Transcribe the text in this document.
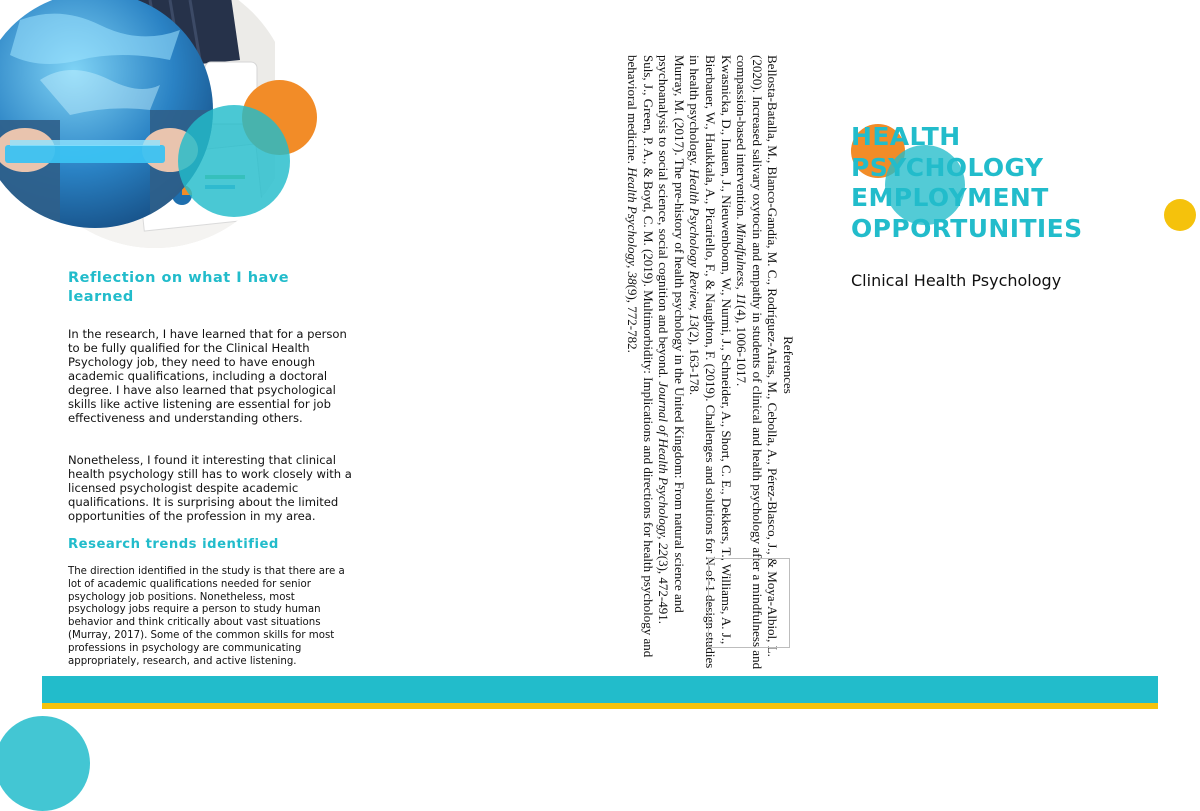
Reflection on what I have learned
In the research, I have learned that for a person to be fully qualified for the Clinical Health Psychology job, they need to have enough academic qualifications, including a doctoral degree. I have also learned that psychological skills like active listening are essential for job effectiveness and understanding others.
Nonetheless, I found it interesting that clinical health psychology still has to work closely with a licensed psychologist despite academic qualifications. It is surprising about the limited opportunities of the profession in my area.
Research trends identified
The direction identified in the study is that there are a lot of academic qualifications needed for senior psychology job positions. Nonetheless, most psychology jobs require a person to study human behavior and think critically about vast situations (Murray, 2017). Some of the common skills for most professions in psychology are communicating appropriately, research, and active listening.
References

Bellosta-Batalla, M., Blanco-Gandía, M. C., Rodríguez-Arias, M., Cebolla, A., Pérez-Blasco, J., & Moya-Albiol, L. (2020). Increased salivary oxytocin and empathy in students of clinical and health psychology after a mindfulness and compassion-based intervention. Mindfulness, 11(4), 1006-1017.

Kwasnicka, D., Inauen, J., Nieuwenboom, W., Nurmi, J., Schneider, A., Short, C. E., Dekkers, T., Williams, A. J., Bierbauer, W., Haukkala, A., Picariello, F., & Naughton, F. (2019). Challenges and solutions for N-of-1 design studies in health psychology. Health Psychology Review, 13(2), 163-178.

Murray, M. (2017). The pre-history of health psychology in the United Kingdom: From natural science and psychoanalysis to social science, social cognition and beyond. Journal of Health Psychology, 22(3), 472-491.

Suls, J., Green, P. A., & Boyd, C. M. (2019). Multimorbidity: Implications and directions for health psychology and behavioral medicine. Health Psychology, 38(9), 772-782.

HEALTH
PSYCHOLOGY
EMPLOYMENT
OPPORTUNITIES
Clinical Health Psychology
